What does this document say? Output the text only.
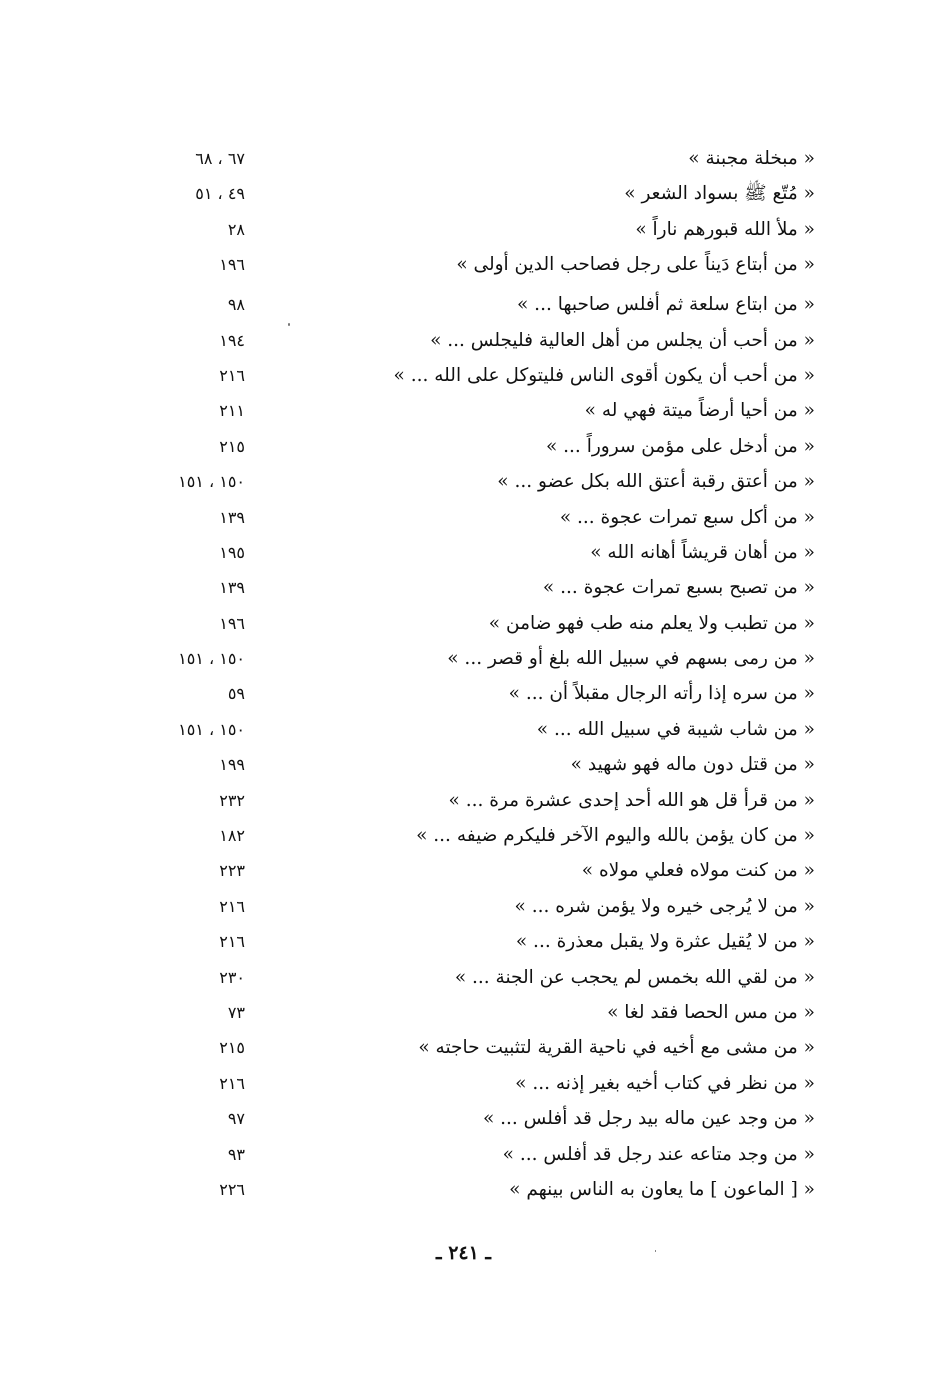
« مبخلة مجبنة »
٦٧ ، ٦٨
« مُتّع ﷺ بسواد الشعر »
٤٩ ، ٥١
« ملأ الله قبورهم ناراً »
٢٨
« من أبتاع دَيناً على رجل فصاحب الدين أولى »
١٩٦
« من ابتاع سلعة ثم أفلس صاحبها ... »
٩٨
« من أحب أن يجلس من أهل العالية فليجلس ... »
١٩٤
« من أحب أن يكون أقوى الناس فليتوكل على الله ... »
٢١٦
« من أحيا أرضاً ميتة فهي له »
٢١١
« من أدخل على مؤمن سروراً ... »
٢١٥
« من أعتق رقبة أعتق الله بكل عضو ... »
١٥٠ ، ١٥١
« من أكل سبع تمرات عجوة ... »
١٣٩
« من أهان قريشاً أهانه الله »
١٩٥
« من تصبح بسبع تمرات عجوة ... »
١٣٩
« من تطبب ولا يعلم منه طب فهو ضامن »
١٩٦
« من رمى بسهم في سبيل الله بلغ أو قصر ... »
١٥٠ ، ١٥١
« من سره إذا رأته الرجال مقبلاً أن ... »
٥٩
« من شاب شيبة في سبيل الله ... »
١٥٠ ، ١٥١
« من قتل دون ماله فهو شهيد »
١٩٩
« من قرأ قل هو الله أحد إحدى عشرة مرة ... »
٢٣٢
« من كان يؤمن بالله واليوم الآخر فليكرم ضيفه ... »
١٨٢
« من كنت مولاه فعلي مولاه »
٢٢٣
« من لا يُرجى خيره ولا يؤمن شره ... »
٢١٦
« من لا يُقيل عثرة ولا يقبل معذرة ... »
٢١٦
« من لقي الله بخمس لم يحجب عن الجنة ... »
٢٣٠
« من مس الحصا فقد لغا »
٧٣
« من مشى مع أخيه في ناحية القرية لتثبيت حاجته »
٢١٥
« من نظر في كتاب أخيه بغير إذنه ... »
٢١٦
« من وجد عين ماله بيد رجل قد أفلس ... »
٩٧
« من وجد متاعه عند رجل قد أفلس ... »
٩٣
« [ الماعون ] ما يعاون به الناس بينهم »
٢٢٦
ـ ٢٤١ ـ
